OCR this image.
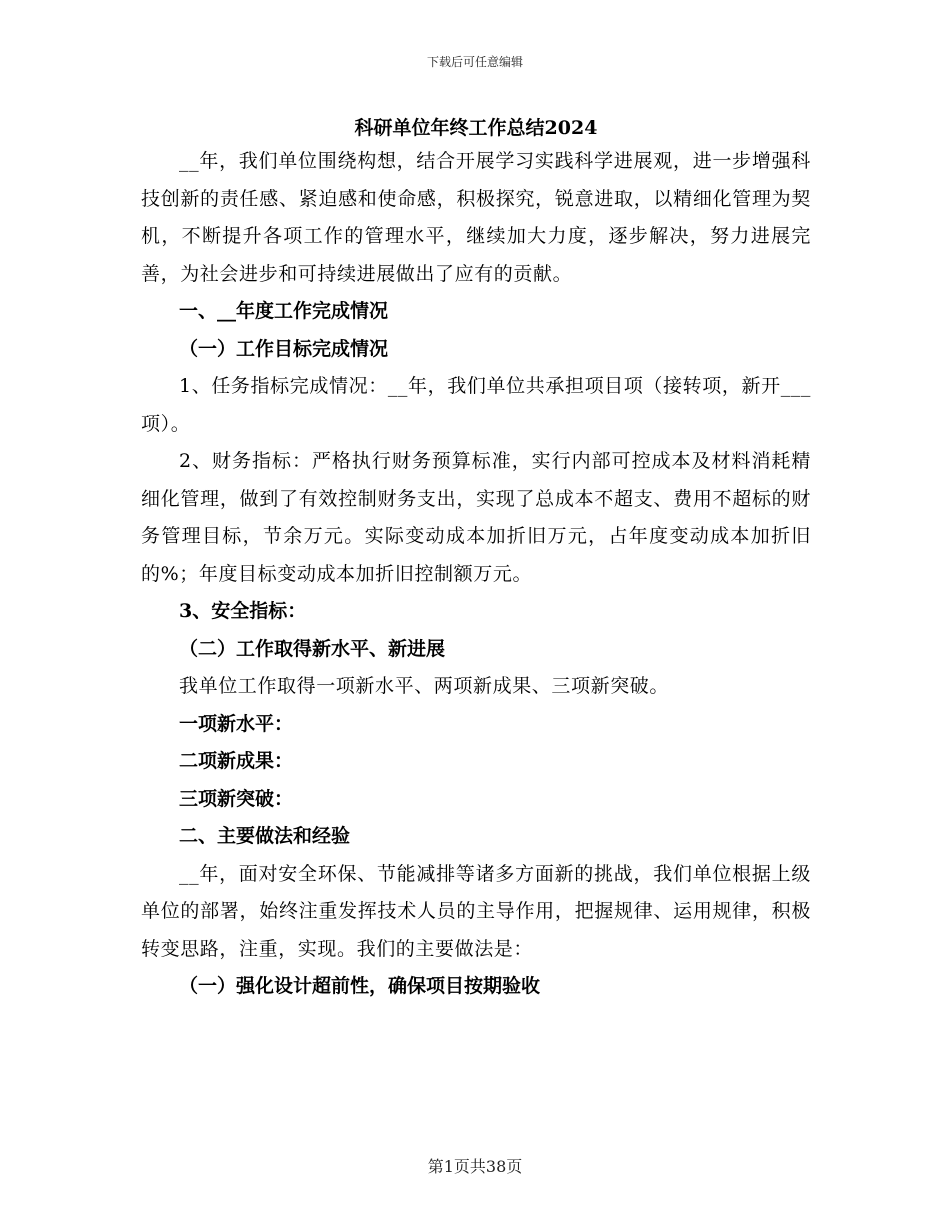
下载后可任意编辑

科研单位年终工作总结2024

__年，我们单位围绕构想，结合开展学习实践科学进展观，进一步增强科技创新的责任感、紧迫感和使命感，积极探究，锐意进取，以精细化管理为契机，不断提升各项工作的管理水平，继续加大力度，逐步解决，努力进展完善，为社会进步和可持续进展做出了应有的贡献。

一、__年度工作完成情况

（一）工作目标完成情况

1、任务指标完成情况：__年，我们单位共承担项目项（接转项，新开___项）。

2、财务指标：严格执行财务预算标准，实行内部可控成本及材料消耗精细化管理，做到了有效控制财务支出，实现了总成本不超支、费用不超标的财务管理目标，节余万元。实际变动成本加折旧万元，占年度变动成本加折旧的%；年度目标变动成本加折旧控制额万元。

3、安全指标：

（二）工作取得新水平、新进展

我单位工作取得一项新水平、两项新成果、三项新突破。

一项新水平：

二项新成果：

三项新突破：

二、主要做法和经验

__年，面对安全环保、节能减排等诸多方面新的挑战，我们单位根据上级单位的部署，始终注重发挥技术人员的主导作用，把握规律、运用规律，积极转变思路，注重，实现。我们的主要做法是：

（一）强化设计超前性，确保项目按期验收

第1页共38页
